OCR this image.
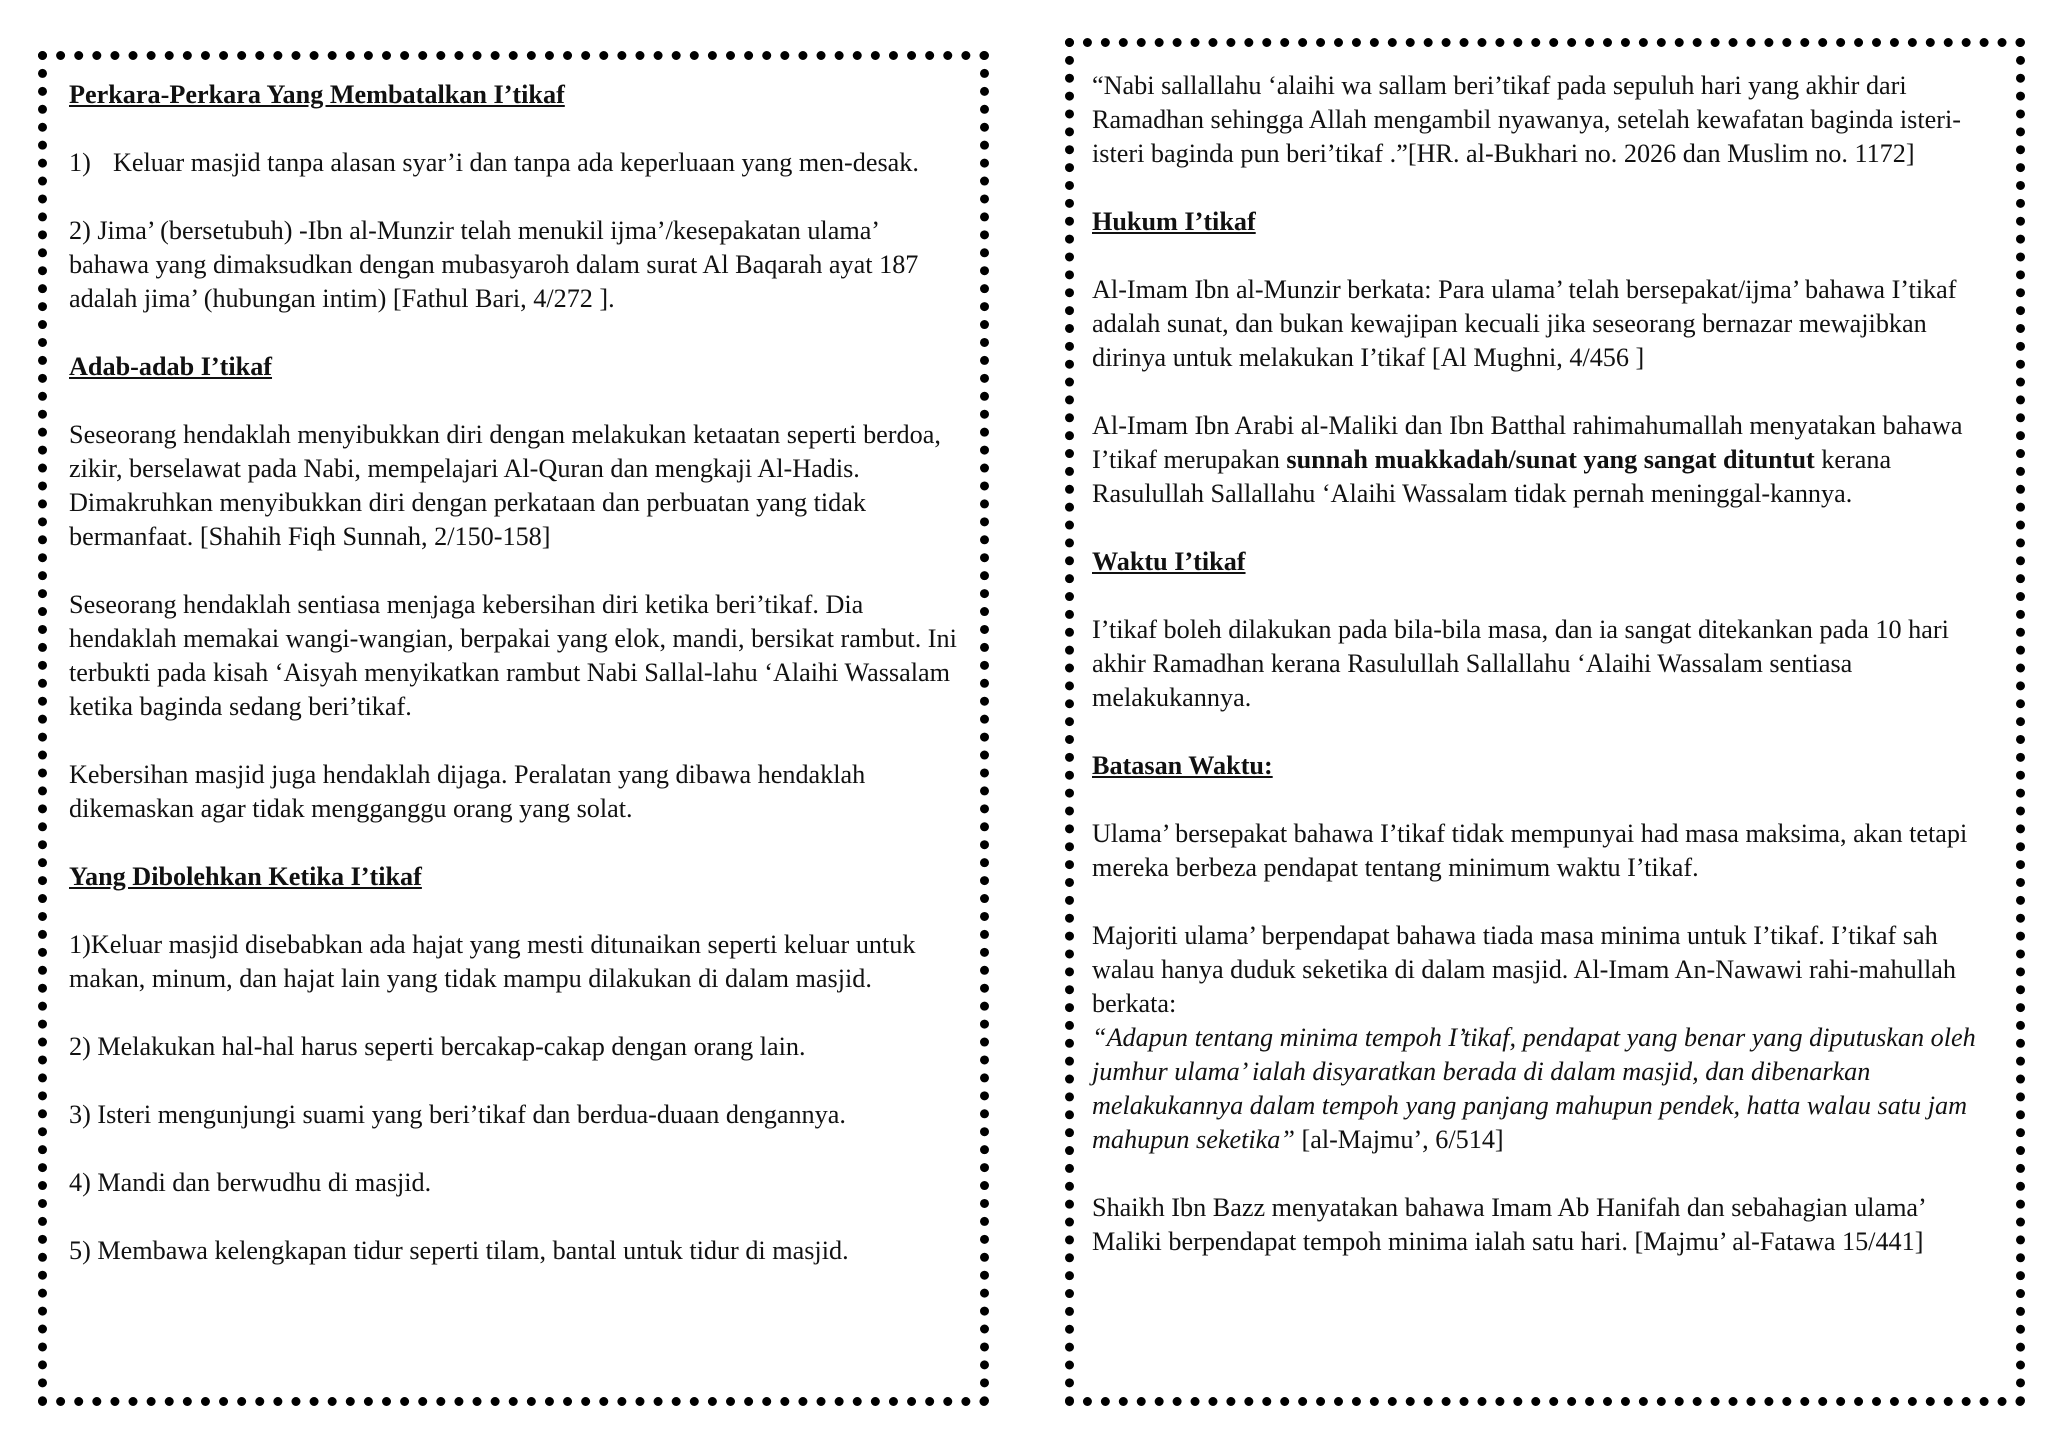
Perkara-Perkara Yang Membatalkan I’tikaf

1) Keluar masjid tanpa alasan syar’i dan tanpa ada keperluaan yang men-desak.

2) Jima’ (bersetubuh) -Ibn al-Munzir telah menukil ijma’/kesepakatan ulama’ bahawa yang dimaksudkan dengan mubasyaroh dalam surat Al Baqarah ayat 187 adalah jima’ (hubungan intim) [Fathul Bari, 4/272 ].

Adab-adab I’tikaf

Seseorang hendaklah menyibukkan diri dengan melakukan ketaatan seperti berdoa, zikir, berselawat pada Nabi, mempelajari Al-Quran dan mengkaji Al-Hadis. Dimakruhkan menyibukkan diri dengan perkataan dan perbuatan yang tidak bermanfaat. [Shahih Fiqh Sunnah, 2/150-158]

Seseorang hendaklah sentiasa menjaga kebersihan diri ketika beri’tikaf. Dia hendaklah memakai wangi-wangian, berpakai yang elok, mandi, bersikat rambut. Ini terbukti pada kisah ‘Aisyah menyikatkan rambut Nabi Sallal-lahu ‘Alaihi Wassalam ketika baginda sedang beri’tikaf.

Kebersihan masjid juga hendaklah dijaga. Peralatan yang dibawa hendaklah dikemaskan agar tidak mengganggu orang yang solat.

Yang Dibolehkan Ketika I’tikaf

1)Keluar masjid disebabkan ada hajat yang mesti ditunaikan seperti keluar untuk makan, minum, dan hajat lain yang tidak mampu dilakukan di dalam masjid.

2) Melakukan hal-hal harus seperti bercakap-cakap dengan orang lain.

3) Isteri mengunjungi suami yang beri’tikaf dan berdua-duaan dengannya.

4) Mandi dan berwudhu di masjid.

5) Membawa kelengkapan tidur seperti tilam, bantal untuk tidur di masjid.

“Nabi sallallahu ‘alaihi wa sallam beri’tikaf pada sepuluh hari yang akhir dari Ramadhan sehingga Allah mengambil nyawanya, setelah kewafatan baginda isteri-isteri baginda pun beri’tikaf .”[HR. al-Bukhari no. 2026 dan Muslim no. 1172]

Hukum I’tikaf

Al-Imam Ibn al-Munzir berkata: Para ulama’ telah bersepakat/ijma’ bahawa I’tikaf adalah sunat, dan bukan kewajipan kecuali jika seseorang bernazar mewajibkan dirinya untuk melakukan I’tikaf [Al Mughni, 4/456 ]

Al-Imam Ibn Arabi al-Maliki dan Ibn Batthal rahimahumallah menyatakan bahawa I’tikaf merupakan sunnah muakkadah/sunat yang sangat dituntut kerana Rasulullah Sallallahu ‘Alaihi Wassalam tidak pernah meninggal-kannya.

Waktu I’tikaf

I’tikaf boleh dilakukan pada bila-bila masa, dan ia sangat ditekankan pada 10 hari akhir Ramadhan kerana Rasulullah Sallallahu ‘Alaihi Wassalam sentiasa melakukannya.

Batasan Waktu:

Ulama’ bersepakat bahawa I’tikaf tidak mempunyai had masa maksima, akan tetapi mereka berbeza pendapat tentang minimum waktu I’tikaf.

Majoriti ulama’ berpendapat bahawa tiada masa minima untuk I’tikaf. I’tikaf sah walau hanya duduk seketika di dalam masjid. Al-Imam An-Nawawi rahi-mahullah berkata:
“Adapun tentang minima tempoh I’tikaf, pendapat yang benar yang diputuskan oleh jumhur ulama’ ialah disyaratkan berada di dalam masjid, dan dibenarkan melakukannya dalam tempoh yang panjang mahupun pendek, hatta walau satu jam mahupun seketika” [al-Majmu’, 6/514]

Shaikh Ibn Bazz menyatakan bahawa Imam Ab Hanifah dan sebahagian ulama’ Maliki berpendapat tempoh minima ialah satu hari. [Majmu’ al-Fatawa 15/441]
